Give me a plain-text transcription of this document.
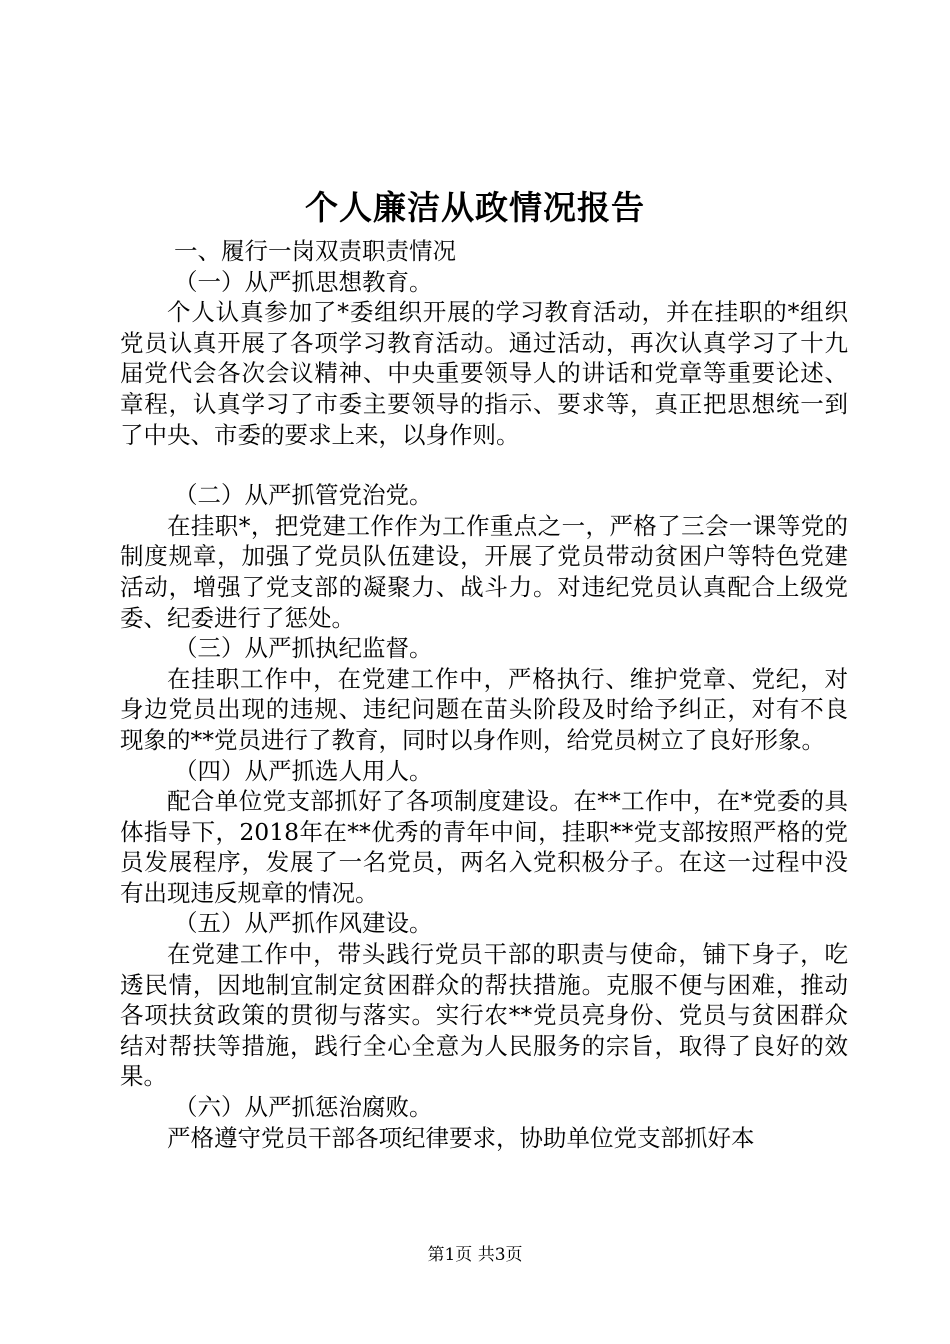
个人廉洁从政情况报告

一、履行一岗双责职责情况

（一）从严抓思想教育。

个人认真参加了*委组织开展的学习教育活动，并在挂职的*组织党员认真开展了各项学习教育活动。通过活动，再次认真学习了十九届党代会各次会议精神、中央重要领导人的讲话和党章等重要论述、章程，认真学习了市委主要领导的指示、要求等，真正把思想统一到了中央、市委的要求上来，以身作则。

（二）从严抓管党治党。

在挂职*，把党建工作作为工作重点之一，严格了三会一课等党的制度规章，加强了党员队伍建设，开展了党员带动贫困户等特色党建活动，增强了党支部的凝聚力、战斗力。对违纪党员认真配合上级党委、纪委进行了惩处。

（三）从严抓执纪监督。

在挂职工作中，在党建工作中，严格执行、维护党章、党纪，对身边党员出现的违规、违纪问题在苗头阶段及时给予纠正，对有不良现象的**党员进行了教育，同时以身作则，给党员树立了良好形象。

（四）从严抓选人用人。

配合单位党支部抓好了各项制度建设。在**工作中，在*党委的具体指导下，2018年在**优秀的青年中间，挂职**党支部按照严格的党员发展程序，发展了一名党员，两名入党积极分子。在这一过程中没有出现违反规章的情况。

（五）从严抓作风建设。

在党建工作中，带头践行党员干部的职责与使命，铺下身子，吃透民情，因地制宜制定贫困群众的帮扶措施。克服不便与困难，推动各项扶贫政策的贯彻与落实。实行农**党员亮身份、党员与贫困群众结对帮扶等措施，践行全心全意为人民服务的宗旨，取得了良好的效果。

（六）从严抓惩治腐败。

严格遵守党员干部各项纪律要求，协助单位党支部抓好本

第1页 共3页
